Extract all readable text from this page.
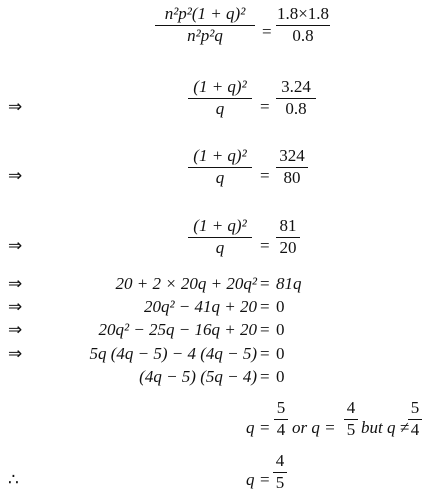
n²p²(1 + q)²
n²p²q	=
1.8×1.8
0.8
⇒
(1 + q)²
q	=
3.24
0.8
⇒
(1 + q)²
q	=
324
80
⇒
(1 + q)²
q	=
81
20
⇒	20 + 2 × 20q + 20q² = 81q
⇒	20q² − 41q + 20 = 0
⇒	20q² − 25q − 16q + 20 = 0
⇒	5q (4q − 5) − 4 (4q − 5) = 0
(4q − 5) (5q − 4) = 0
q =
5
4 or q =
4
5 but q ≠
5
4
∴	q =
4
5
